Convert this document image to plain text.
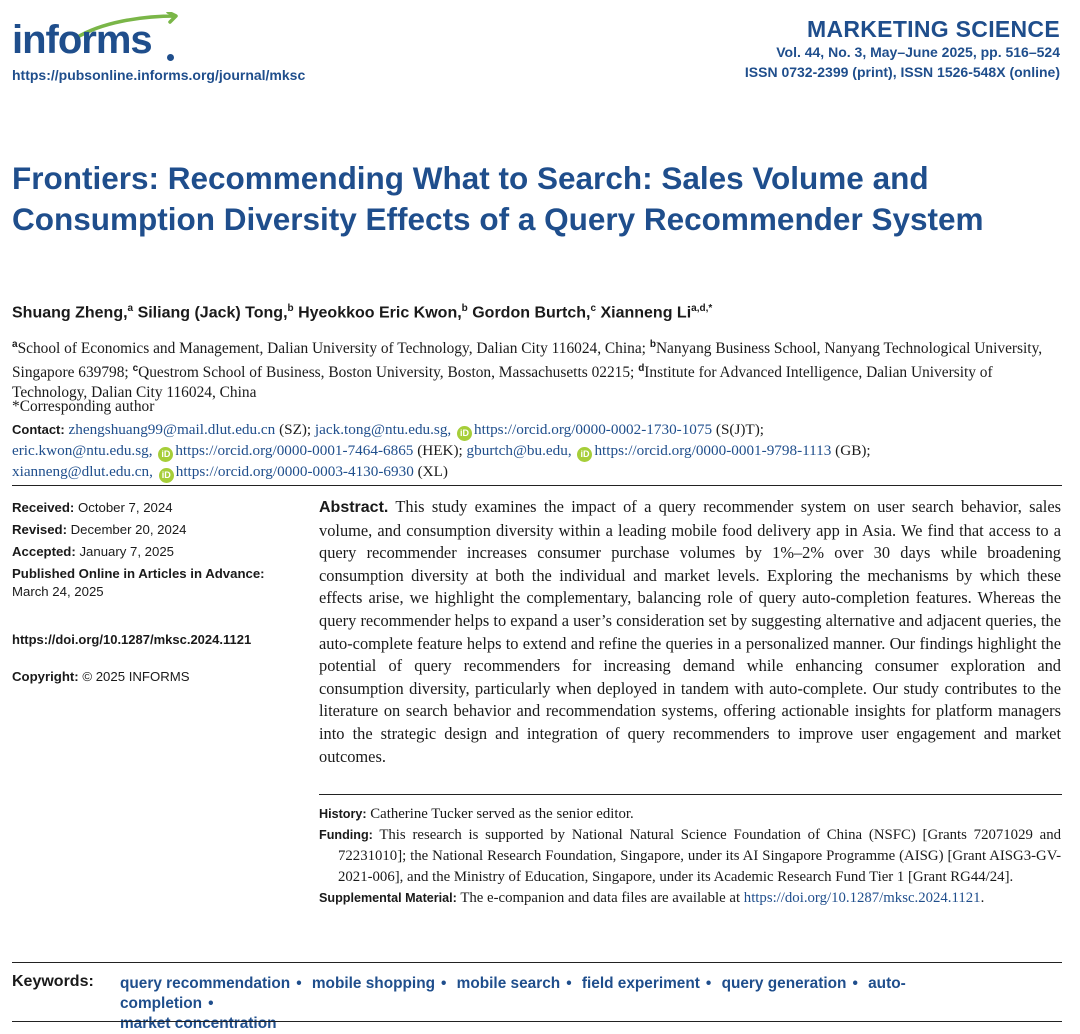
informs
https://pubsonline.informs.org/journal/mksc
MARKETING SCIENCE
Vol. 44, No. 3, May–June 2025, pp. 516–524
ISSN 0732-2399 (print), ISSN 1526-548X (online)
Frontiers: Recommending What to Search: Sales Volume and Consumption Diversity Effects of a Query Recommender System
Shuang Zheng,$^a$ Siliang (Jack) Tong,$^b$ Hyeokkoo Eric Kwon,$^b$ Gordon Burtch,$^c$ Xianneng $Li^{a,d,*}$
$^a$School of Economics and Management, Dalian University of Technology, Dalian City 116024, China; $^b$Nanyang Business School, Nanyang Technological University, Singapore 639798; $^c$Questrom School of Business, Boston University, Boston, Massachusetts 02215; $^d$Institute for Advanced Intelligence, Dalian University of Technology, Dalian City 116024, China
*Corresponding author
Contact: zhengshuang99@mail.dlut.edu.cn (SZ); jack.tong@ntu.edu.sg, iD https://orcid.org/0000-0002-1730-1075 (S(J)T);
eric.kwon@ntu.edu.sg, iD https://orcid.org/0000-0001-7464-6865 (HEK); gburtch@bu.edu, iD https://orcid.org/0000-0001-9798-1113 (GB);
xianneng@dlut.edu.cn, iD https://orcid.org/0000-0003-4130-6930 (XL)
Received: October 7, 2024
Revised: December 20, 2024
Accepted: January 7, 2025
Published Online in Articles in Advance:
March 24, 2025
https://doi.org/10.1287/mksc.2024.1121
Copyright: © 2025 INFORMS
Abstract. This study examines the impact of a query recommender system on user search behavior, sales volume, and consumption diversity within a leading mobile food delivery app in Asia. We find that access to a query recommender increases consumer purchase volumes by 1%–2% over 30 days while broadening consumption diversity at both the individual and market levels. Exploring the mechanisms by which these effects arise, we highlight the complementary, balancing role of query auto-completion features. Whereas the query recommender helps to expand a user’s consideration set by suggesting alternative and adjacent queries, the auto-complete feature helps to extend and refine the queries in a personalized manner. Our findings highlight the potential of query recommenders for increasing demand while enhancing consumer exploration and consumption diversity, particularly when deployed in tandem with auto-complete. Our study contributes to the literature on search behavior and recommendation systems, offering actionable insights for platform managers into the strategic design and integration of query recommenders to improve user engagement and market outcomes.

History: Catherine Tucker served as the senior editor.

Funding: This research is supported by National Natural Science Foundation of China (NSFC) [Grants 72071029 and 72231010]; the National Research Foundation, Singapore, under its AI Singapore Programme (AISG) [Grant AISG3-GV-2021-006], and the Ministry of Education, Singapore, under its Academic Research Fund Tier 1 [Grant RG44/24].

Supplemental Material: The e-companion and data files are available at https://doi.org/10.1287/mksc.2024.1121.

Keywords: query recommendation • mobile shopping • mobile search • field experiment • query generation • auto-completion •
market concentration
